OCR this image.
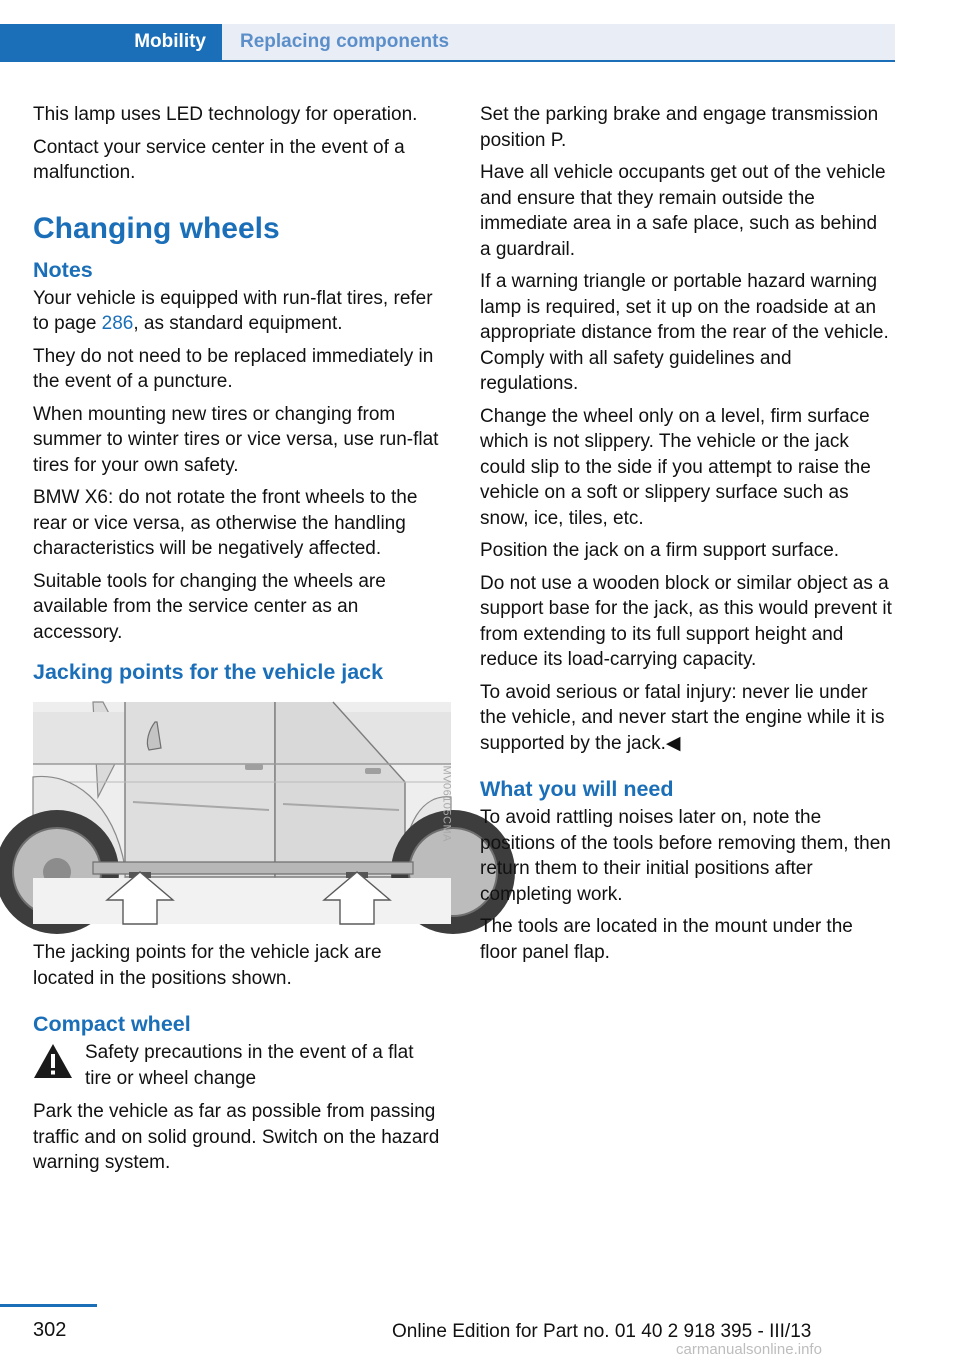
Mobility	Replacing components

This lamp uses LED technology for operation.

Contact your service center in the event of a malfunction.

Changing wheels
Notes

Your vehicle is equipped with run-flat tires, refer to page 286, as standard equipment.

They do not need to be replaced immediately in the event of a puncture.

When mounting new tires or changing from summer to winter tires or vice versa, use run-flat tires for your own safety.

BMW X6: do not rotate the front wheels to the rear or vice versa, as otherwise the handling characteristics will be negatively affected.

Suitable tools for changing the wheels are available from the service center as an accessory.

Jacking points for the vehicle jack
MV06105CMA

The jacking points for the vehicle jack are located in the positions shown.

Compact wheel

Safety precautions in the event of a flat tire or wheel change

Park the vehicle as far as possible from passing traffic and on solid ground. Switch on the hazard warning system.

Set the parking brake and engage transmission position P.

Have all vehicle occupants get out of the vehicle and ensure that they remain outside the immediate area in a safe place, such as behind a guardrail.

If a warning triangle or portable hazard warning lamp is required, set it up on the roadside at an appropriate distance from the rear of the vehicle. Comply with all safety guidelines and regulations.

Change the wheel only on a level, firm surface which is not slippery. The vehicle or the jack could slip to the side if you attempt to raise the vehicle on a soft or slippery surface such as snow, ice, tiles, etc.

Position the jack on a firm support surface.

Do not use a wooden block or similar object as a support base for the jack, as this would prevent it from extending to its full support height and reduce its load-carrying capacity.

To avoid serious or fatal injury: never lie under the vehicle, and never start the engine while it is supported by the jack.◀

What you will need

To avoid rattling noises later on, note the positions of the tools before removing them, then return them to their initial positions after completing work.

The tools are located in the mount under the floor panel flap.

302	Online Edition for Part no. 01 40 2 918 395 - III/13
carmanualsonline.info
